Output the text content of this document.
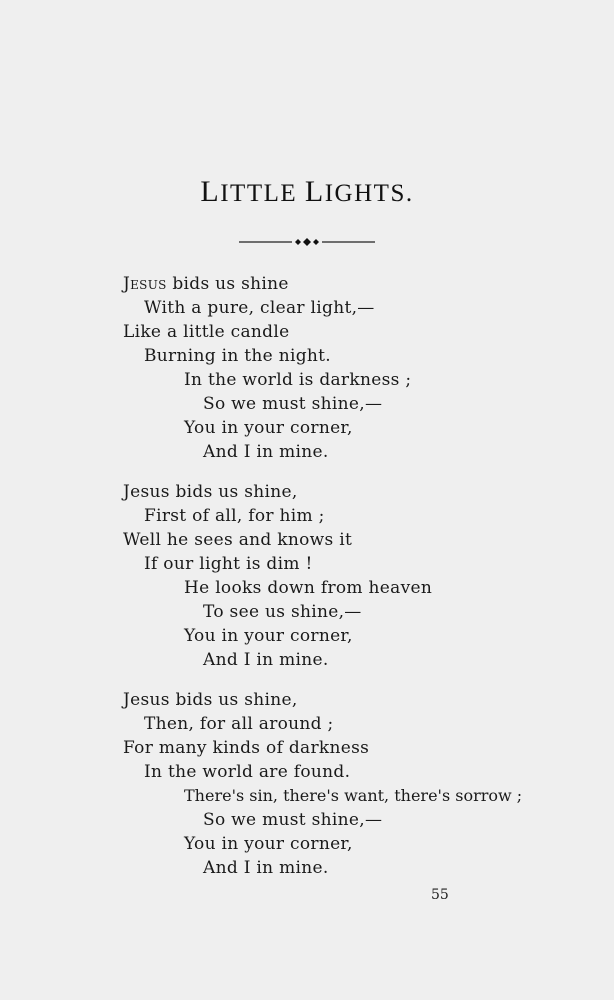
LITTLE LIGHTS.
Jesus bids us shine
With a pure, clear light,—
Like a little candle
Burning in the night.
In the world is darkness ;
So we must shine,—
You in your corner,
And I in mine.
Jesus bids us shine,
First of all, for him ;
Well he sees and knows it
If our light is dim !
He looks down from heaven
To see us shine,—
You in your corner,
And I in mine.
Jesus bids us shine,
Then, for all around ;
For many kinds of darkness
In the world are found.
There's sin, there's want, there's sorrow ;
So we must shine,—
You in your corner,
And I in mine.
55
